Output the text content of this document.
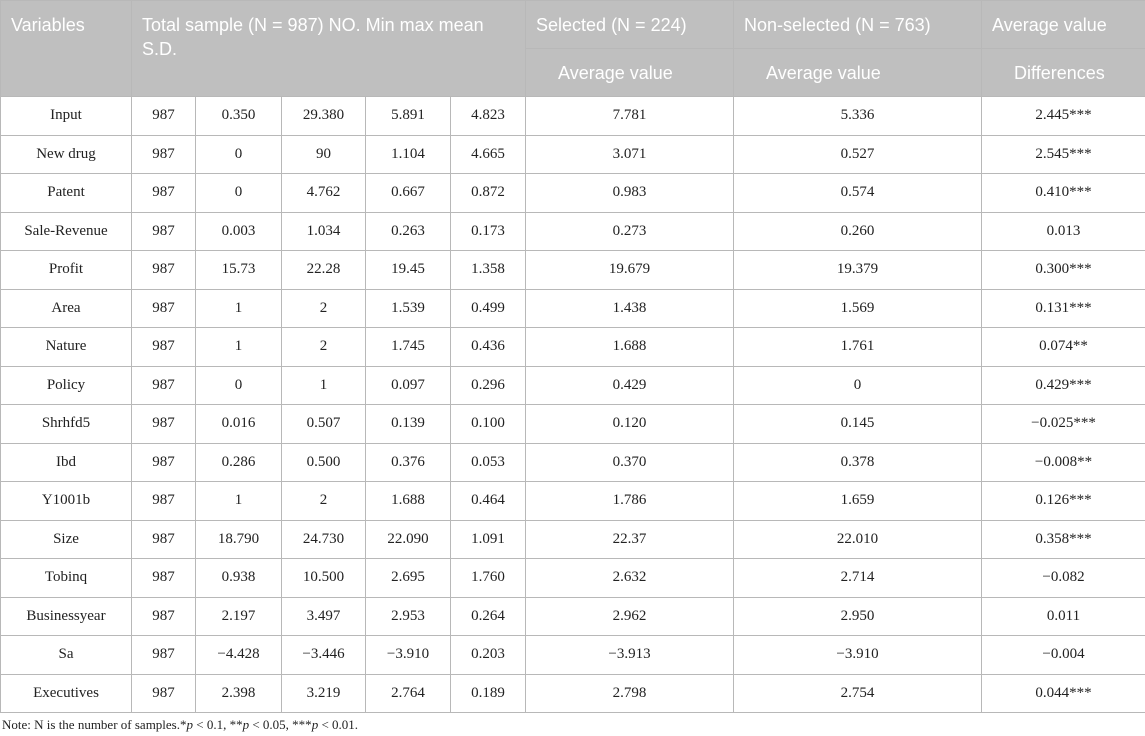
Variables	Total sample (N = 987) NO. Min max mean S.D.					Selected (N = 224)	Non-selected (N = 763)	Average value
						Average value	Average value	Differences
Input	987	0.350	29.380	5.891	4.823	7.781	5.336	2.445***
New drug	987	0	90	1.104	4.665	3.071	0.527	2.545***
Patent	987	0	4.762	0.667	0.872	0.983	0.574	0.410***
Sale-Revenue	987	0.003	1.034	0.263	0.173	0.273	0.260	0.013
Profit	987	15.73	22.28	19.45	1.358	19.679	19.379	0.300***
Area	987	1	2	1.539	0.499	1.438	1.569	0.131***
Nature	987	1	2	1.745	0.436	1.688	1.761	0.074**
Policy	987	0	1	0.097	0.296	0.429	0	0.429***
Shrhfd5	987	0.016	0.507	0.139	0.100	0.120	0.145	−0.025***
Ibd	987	0.286	0.500	0.376	0.053	0.370	0.378	−0.008**
Y1001b	987	1	2	1.688	0.464	1.786	1.659	0.126***
Size	987	18.790	24.730	22.090	1.091	22.37	22.010	0.358***
Tobinq	987	0.938	10.500	2.695	1.760	2.632	2.714	−0.082
Businessyear	987	2.197	3.497	2.953	0.264	2.962	2.950	0.011
Sa	987	−4.428	−3.446	−3.910	0.203	−3.913	−3.910	−0.004
Executives	987	2.398	3.219	2.764	0.189	2.798	2.754	0.044***
Note: N is the number of samples.*p < 0.1, **p < 0.05, ***p < 0.01.
